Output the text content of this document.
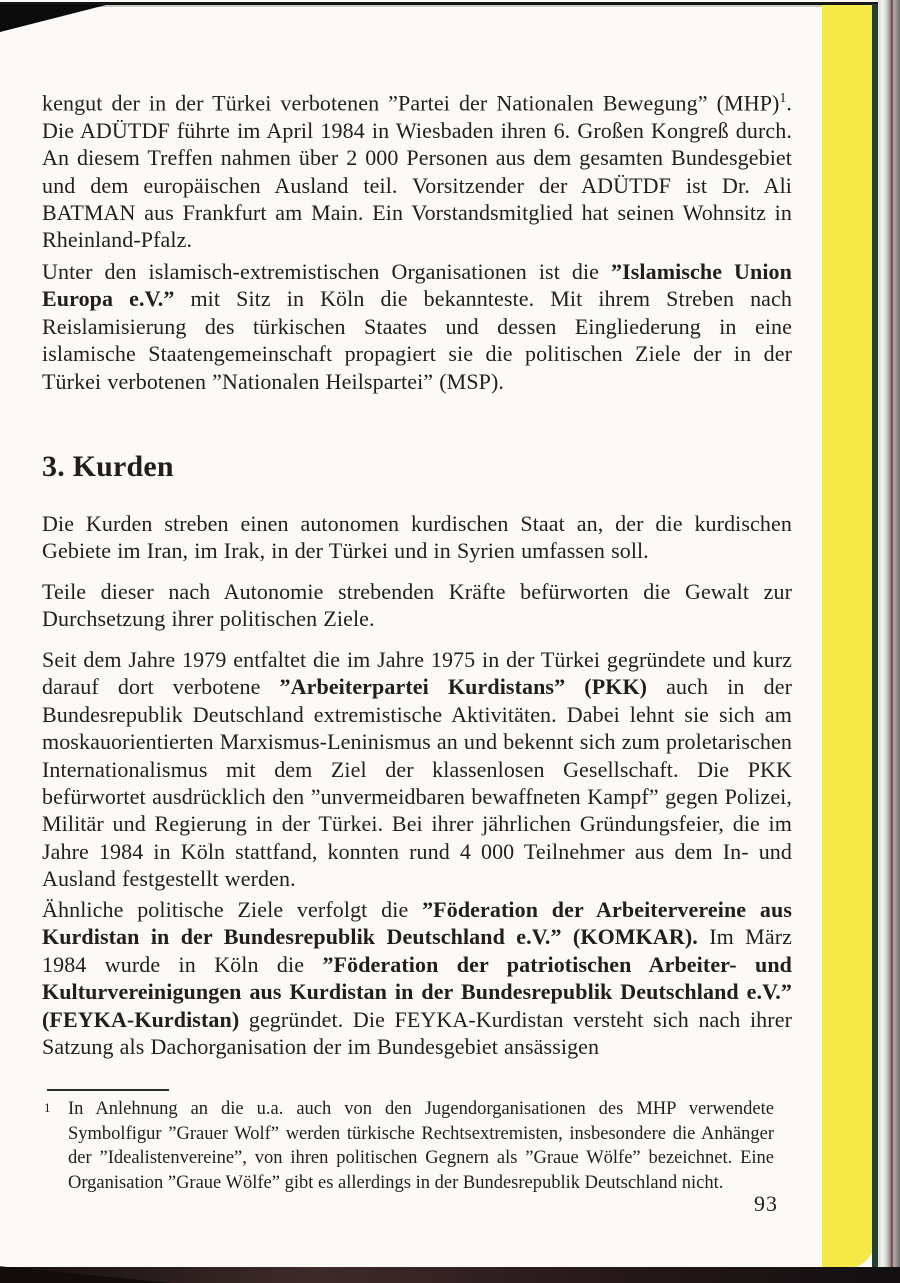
kengut der in der Türkei verbotenen ”Partei der Nationalen Bewegung” (MHP)$^1$. Die ADÜTDF führte im April 1984 in Wiesbaden ihren 6. Großen Kongreß durch. An diesem Treffen nahmen über 2 000 Personen aus dem gesamten Bundesgebiet und dem europäischen Ausland teil. Vorsitzender der ADÜTDF ist Dr. Ali BATMAN aus Frankfurt am Main. Ein Vorstandsmitglied hat seinen Wohnsitz in Rheinland-Pfalz.
Unter den islamisch-extremistischen Organisationen ist die ”Islamische Union Europa e.V.” mit Sitz in Köln die bekannteste. Mit ihrem Streben nach Reislamisierung des türkischen Staates und dessen Eingliederung in eine islamische Staatengemeinschaft propagiert sie die politischen Ziele der in der Türkei verbotenen ”Nationalen Heilspartei” (MSP).
3. Kurden
Die Kurden streben einen autonomen kurdischen Staat an, der die kurdischen Gebiete im Iran, im Irak, in der Türkei und in Syrien umfassen soll.
Teile dieser nach Autonomie strebenden Kräfte befürworten die Gewalt zur Durchsetzung ihrer politischen Ziele.
Seit dem Jahre 1979 entfaltet die im Jahre 1975 in der Türkei gegründete und kurz darauf dort verbotene ”Arbeiterpartei Kurdistans” (PKK) auch in der Bundesrepublik Deutschland extremistische Aktivitäten. Dabei lehnt sie sich am moskauorientierten Marxismus-Leninismus an und bekennt sich zum proletarischen Internationalismus mit dem Ziel der klassenlosen Gesellschaft. Die PKK befürwortet ausdrücklich den ”unvermeidbaren bewaffneten Kampf” gegen Polizei, Militär und Regierung in der Türkei. Bei ihrer jährlichen Gründungsfeier, die im Jahre 1984 in Köln stattfand, konnten rund 4 000 Teilnehmer aus dem In- und Ausland festgestellt werden.
Ähnliche politische Ziele verfolgt die ”Föderation der Arbeitervereine aus Kurdistan in der Bundesrepublik Deutschland e.V.” (KOMKAR). Im März 1984 wurde in Köln die ”Föderation der patriotischen Arbeiter- und Kulturvereinigungen aus Kurdistan in der Bundesrepublik Deutschland e.V.” (FEYKA-Kurdistan) gegründet. Die FEYKA-Kurdistan versteht sich nach ihrer Satzung als Dachorganisation der im Bundesgebiet ansässigen
1 In Anlehnung an die u.a. auch von den Jugendorganisationen des MHP verwendete Symbolfigur ”Grauer Wolf” werden türkische Rechtsextremisten, insbesondere die Anhänger der ”Idealistenvereine”, von ihren politischen Gegnern als ”Graue Wölfe” bezeichnet. Eine Organisation ”Graue Wölfe” gibt es allerdings in der Bundesrepublik Deutschland nicht.
93
